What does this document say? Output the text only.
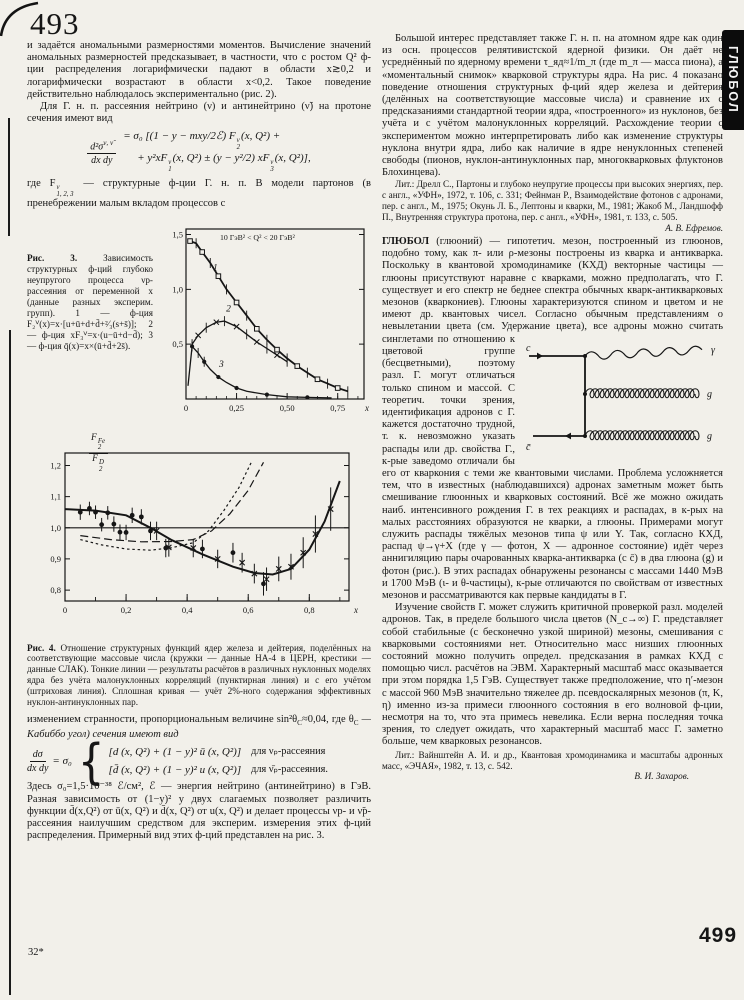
493
ГЛЮБОЛ

и задаётся аномальными размерностями моментов. Вычисление значений аномальных размерностей предсказывает, в частности, что с ростом Q² ф-ции распределения логарифмически падают в области x≳0,2 и логарифмически возрастают в области x<0,2. Такое поведение действительно наблюдалось экспериментально (рис. 2).

Для Г. н. п. рассеяния нейтрино (ν) и антинейтрино (ν̃) на протоне сечения имеют вид

$\frac{d^2\sigma^{\nu, \nũ}}{\text{dx dy}}$
= σ₀ [(1 − y − mxy/2ℰ) F ν
2
(x, Q²) +
+ y²xF ν
1
(x, Q²) ± (y − y²/2) xF ν
3
(x, Q²)],

где F ν
1, 2, 3
— структурные ф-ции Г. н. п. В модели партонов (в пренебрежении малым вкладом процессов с

Рис. 3. Зависимость структурных ф-ций глубоко неупругого процесса νp-рассеяния от переменной x (данные разных эксперим. групп). 1 — ф-ция F₂ⱽ(x)=x·[u+ū+d+d̄+²⁄₃(s+s̄)]; 2 — ф-ция xF₃ⱽ=x·(u−ū+d−d̄); 3 — ф-ция q̄(x)=x×(ū+d̄+2s̄).	0,5
1,0
1,5
0	0,25	0,50	0,75 x
10 ГэВ² < Q² < 20 ГэВ²
1
2
3
F Fe
2
F D
2
0,8
0,9
1,0
1,1
1,2
0	0,2	0,4	0,6	0,8	x

Рис. 4. Отношение структурных функций ядер железа и дейтерия, поделённых на соответствующие массовые числа (кружки — данные НА-4 в ЦЕРН, крестики — данные СЛАК). Тонкие линии — результаты расчётов в различных нуклонных моделях ядра без учёта малонуклонных корреляций (пунктирная линия) и с его учётом (штриховая линия). Сплошная кривая — учёт 2%-ного содержания эффективных нуклон-антинуклонных пар.

изменением странности, пропорциональным величине $\sin^2\theta_C\approx 0,04$, где $\theta_C$ — Кабиббо угол) сечения имеют вид

$\frac{d\sigma}{\text{dx dy}} = \sigma_0$ { [d (x, Q²) + (1 − y)² ū (x, Q²)] для νₚ-рассеяния
[d̄ (x, Q²) + (1 − y)² u (x, Q²)] для ν̄ₚ-рассеяния.

Здесь σ₀=1,5·10⁻³⁸ ℰ/см², ℰ — энергия нейтрино (антинейтрино) в ГэВ. Разная зависимость от (1−y)² у двух слагаемых позволяет различить функции d̄(x,Q²) от ū(x, Q²) и d̄(x, Q²) от u(x, Q²) и делает процессы νp- и ν̃p-рассеяния наилучшим средством для эксперим. измерения этих ф-ций распределения. Примерный вид этих ф-ций представлен на рис. 3.

Большой интерес представляет также Г. н. п. на атомном ядре как один из осн. процессов релятивистской ядерной физики. Он даёт не усреднённый по ядерному времени τ_яд≈1/m_π (где m_π — масса пиона), а «моментальный снимок» кварковой структуры ядра. На рис. 4 показано поведение отношения структурных ф-ций ядер железа и дейтерия (делённых на соответствующие массовые числа) и сравнение их с предсказаниями стандартной теории ядра, «построенного» из нуклонов, без учёта и с учётом малонуклонных корреляций. Расхождение теории с экспериментом можно интерпретировать либо как изменение структуры нуклона внутри ядра, либо как наличие в ядре ненуклонных степеней свободы (пионов, нуклон-антинуклонных пар, многокварковых флуктонов Блохинцева).

Лит.: Дрелл С., Партоны и глубоко неупругие процессы при высоких энергиях, пер. с англ., «УФН», 1972, т. 106, с. 331; Фейнман Р., Взаимодействие фотонов с адронами, пер. с англ., М., 1975; Окунь Л. Б., Лептоны и кварки, М., 1981; Жакоб М., Ландшофф П., Внутренняя структура протона, пер. с англ., «УФН», 1981, т. 133, с. 505.

А. В. Ефремов.

ГЛЮБОЛ (глюоний) — гипотетич. мезон, построенный из глюонов, подобно тому, как π- или ρ-мезоны построены из кварка и антикварка. Поскольку в квантовой хромодинамике (КХД) векторные частицы — глюоны присутствуют наравне с кварками, можно предполагать, что Г. существует и его спектр не беднее спектра обычных кварк-антикварковых мезонов (кваркониев). Глюоны характеризуются спином и цветом и не имеют др. квантовых чисел. Согласно обычным представлениям о невылетании цвета (см. Удержание цвета), все
c
c̄
γ
g
g
адроны можно считать синглетами по отношению к цветовой группе (бесцветными), поэтому разл. Г. могут отличаться только спином и массой. С теоретич. точки зрения, идентификация адронов с Г. кажется достаточно трудной, т. к. невозможно указать распады или др. свойства Г., к-рые заведомо отличали бы его от кваркония с теми же квантовыми числами. Проблема усложняется тем, что в известных (наблюдавшихся) адронах заметным может быть смешивание глюонных и кварковых состояний. Всё же можно ожидать наиб. интенсивного рождения Г. в тех реакциях и распадах, в к-рых на малых расстояниях образуются не кварки, а глюоны. Примерами могут служить распады тяжёлых мезонов типа ψ или Υ. Так, согласно КХД, распад ψ→γ+X (где γ — фотон, X — адронное состояние) идёт через аннигиляцию пары очарованных кварка-антикварка (c c̄) в два глюона (g) и фотон (рис.). В этих распадах обнаружены резонансы с массами 1440 МэВ и 1700 МэВ (ι- и θ-частицы), к-рые отличаются по свойствам от известных мезонов и рассматриваются как первые кандидаты в Г.

Изучение свойств Г. может служить критичной проверкой разл. моделей адронов. Так, в пределе большого числа цветов (N_c→∞) Г. представляет собой стабильные (с бесконечно узкой шириной) мезоны, смешивания с кварковыми состояниями нет. Относительно масс низших глюонных состояний можно получить определ. предсказания в рамках КХД с помощью числ. расчётов на ЭВМ. Характерный масштаб масс оказывается при этом порядка 1,5 ГэВ. Существует также предположение, что η′-мезон с массой 960 МэВ значительно тяжелее др. псевдоскалярных мезонов (π, K, η) именно из-за примеси глюонного состояния в его волновой ф-ции, несмотря на то, что эта примесь невелика. Если верна последняя точка зрения, то следует ожидать, что характерный масштаб масс Г. заметно больше, чем кварковых резонансов.

Лит.: Вайнштейн А. И. и др., Квантовая хромодинамика и масштабы адронных масс, «ЭЧАЯ», 1982, т. 13, с. 542.

В. И. Захаров.

32*
499
